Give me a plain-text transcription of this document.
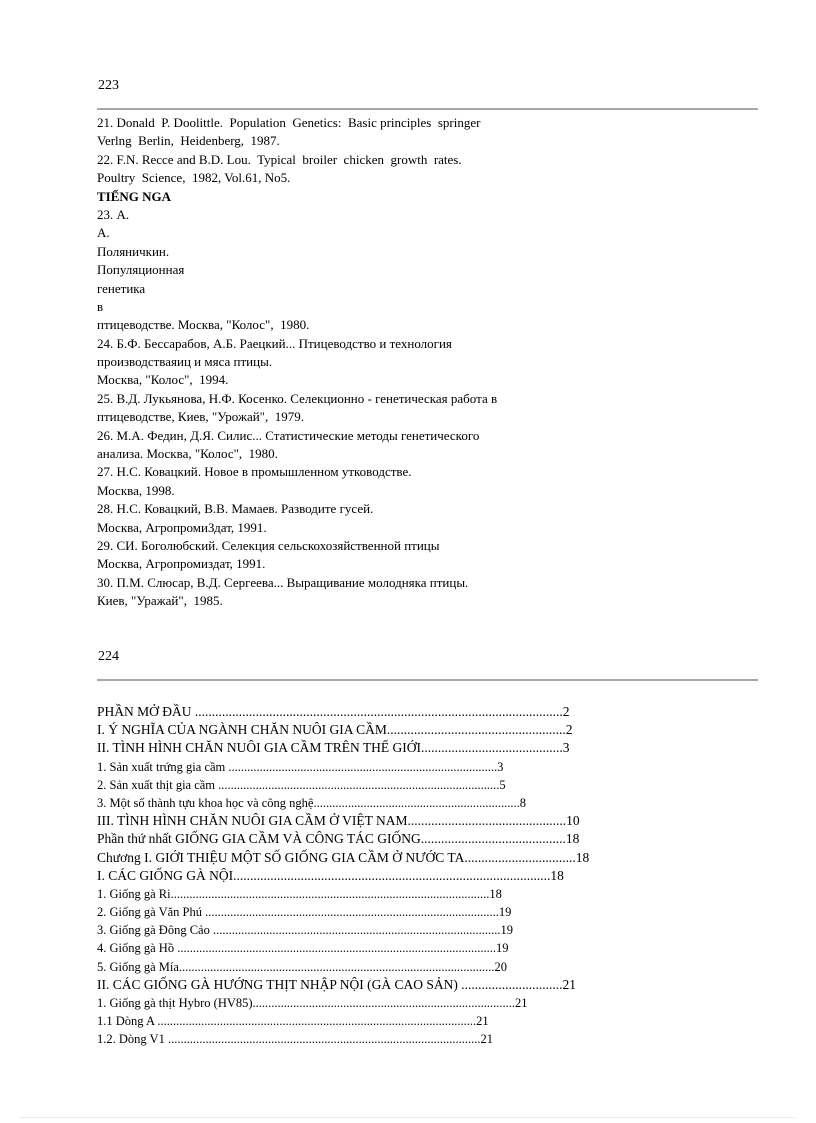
223
21. Donald  P. Doolittle.  Population  Genetics:  Basic principles  springer
Verlng  Berlin,  Heidenberg,  1987.
22. F.N. Recce and B.D. Lou.  Typical  broiler  chicken  growth  rates.
Poultry  Science,  1982, Vol.61, No5.
TIẾNG NGA
23. А.
А.
Поляничкин.
Популяционная
генетика
в
птицеводстве. Москва, "Колос",  1980.
24. Б.Ф. Бессарабов, А.Б. Раецкий... Птицеводство и технология
производстваяиц и мяса птицы.
Москва, "Колос",  1994.
25. В.Д. Лукьянова, Н.Ф. Косенко. Селекционно - генетическая работа в
птицеводстве, Киев, "Урожай",  1979.
26. М.А. Федин, Д.Я. Силис... Статистические методы генетического
анализа. Москва, "Колос",  1980.
27. Н.С. Ковацкий. Новое в промышленном утководстве.
Москва, 1998.
28. Н.С. Ковацкий, В.В. Мамаев. Разводите гусей.
Москва, АгропромиЗдат, 1991.
29. СИ. Боголюбский. Селекция сельскохозяйственной птицы
Москва, Агропромиздат, 1991.
30. П.М. Слюсар, В.Д. Сергеева... Выращивание молодняка птицы.
Киев, "Уражай",  1985.
224
PHẦN MỞ ĐẦU .............................................................................................................2
I. Ý NGHĨA CỦA NGÀNH CHĂN NUÔI GIA CẦM.....................................................2
II. TÌNH HÌNH CHĂN NUÔI GIA CẦM TRÊN THẾ GIỚI..........................................3
1. Sản xuất trứng gia cầm ......................................................................................3
2. Sản xuất thịt gia cầm ..........................................................................................5
3. Một số thành tựu khoa học và công nghệ..................................................................8
III. TÌNH HÌNH CHĂN NUÔI GIA CẦM Ở VIỆT NAM...............................................10
Phần thứ nhất GIỐNG GIA CẦM VÀ CÔNG TÁC GIỐNG...........................................18
Chương I. GIỚI THIỆU MỘT SỐ GIỐNG GIA CẦM Ở NƯỚC TA.................................18
I. CÁC GIỐNG GÀ NỘI..............................................................................................18
1. Giống gà Ri......................................................................................................18
2. Giống gà Văn Phú ..............................................................................................19
3. Giống gà Đông Cảo ............................................................................................19
4. Giống gà Hồ ......................................................................................................19
5. Giống gà Mía.....................................................................................................20
II. CÁC GIỐNG GÀ HƯỚNG THỊT NHẬP NỘI (GÀ CAO SẢN) ..............................21
1. Giống gà thịt Hybro (HV85)....................................................................................21
1.1 Dòng A ......................................................................................................21
1.2. Dòng V1 ....................................................................................................21
